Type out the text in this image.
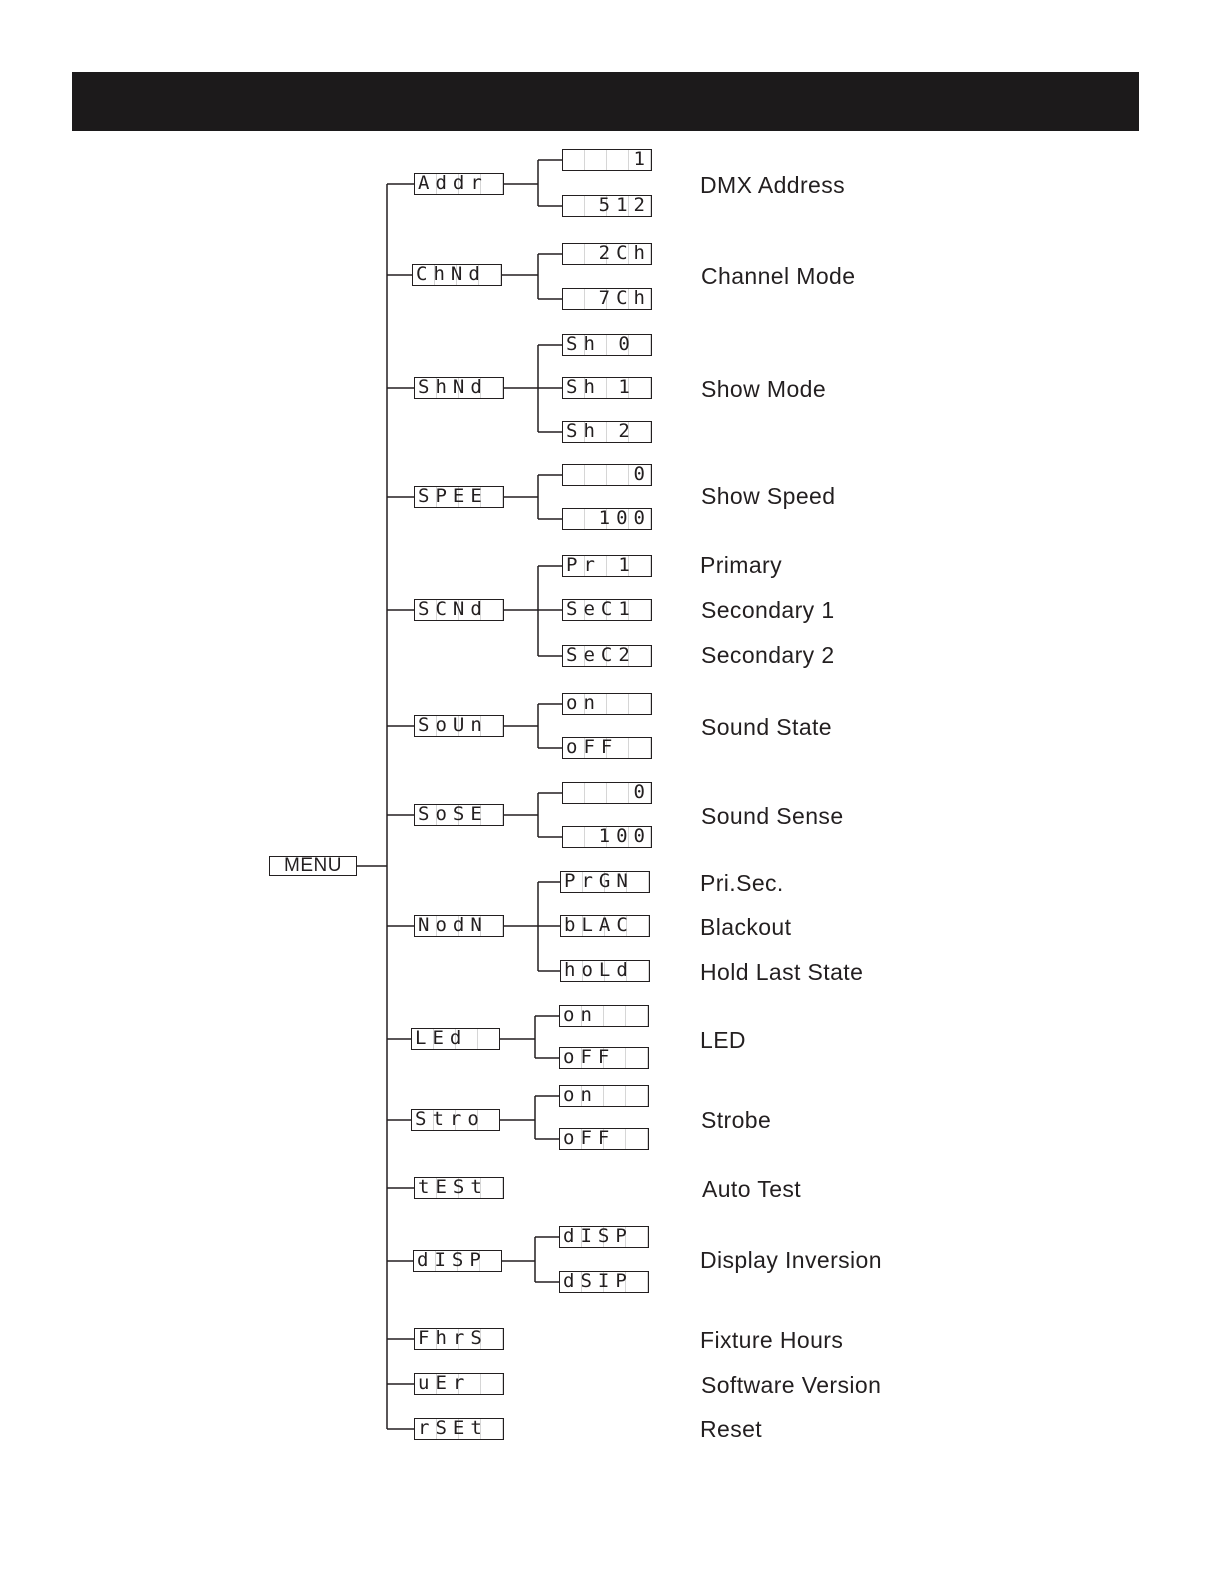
MENU
Addr
ChNd
ShNd
SPEE
SCNd
SoUn
SoSE
NodN
LEd
Stro
tESt
dISP
FhrS
uEr
rSEt
1
512
2Ch
7Ch
Sh 0
Sh 1
Sh 2
0
100
Pr 1
SeC1
SeC2
on
oFF
0
100
PrGN
bLAC
hoLd
on
oFF
on
oFF
dISP
dSIP
DMX Address
Channel Mode
Show Mode
Show Speed
Primary
Secondary 1
Secondary 2
Sound State
Sound Sense
Pri.Sec.
Blackout
Hold Last State
LED
Strobe
Auto Test
Display Inversion
Fixture Hours
Software Version
Reset
